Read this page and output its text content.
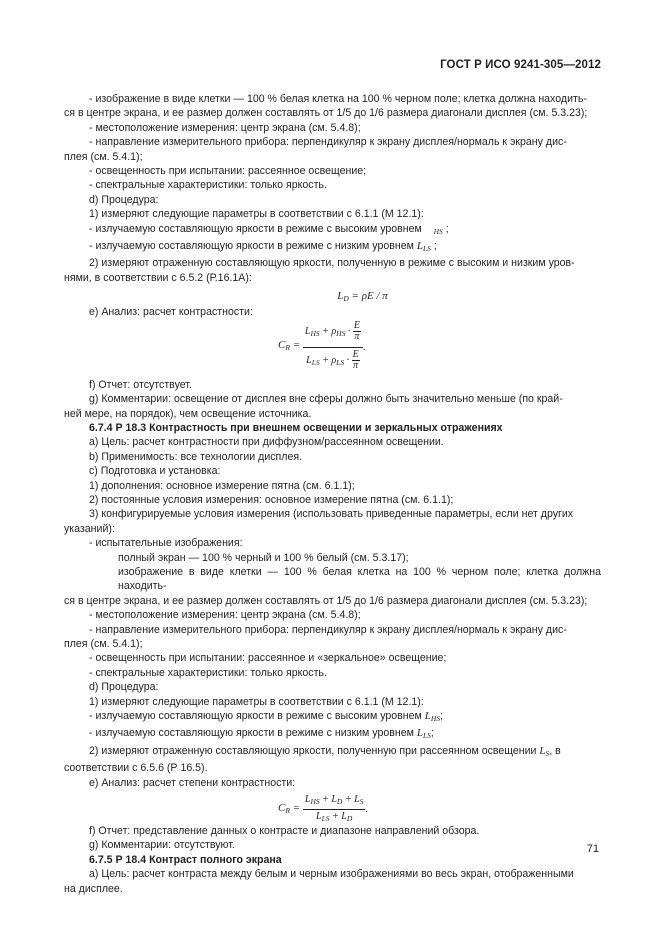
ГОСТ Р ИСО 9241-305—2012

- изображение в виде клетки — 100 % белая клетка на 100 % черном поле; клетка должна находить-

ся в центре экрана, и ее размер должен составлять от 1/5 до 1/6 размера диагонали дисплея (см. 5.3.23);

- местоположение измерения: центр экрана (см. 5.4.8);

- направление измерительного прибора: перпендикуляр к экрану дисплея/нормаль к экрану дис-

плея (см. 5.4.1);

- освещенность при испытании: рассеянное освещение;

- спектральные характеристики: только яркость.

d) Процедура:

1) измеряют следующие параметры в соответствии с 6.1.1 (М 12.1):

- излучаемую составляющую яркости в режиме с высоким уровнем $_{HS}$ ;

- излучаемую составляющую яркости в режиме с низким уровнем $L_{LS}$ ;

2) измеряют отраженную составляющую яркости, полученную в режиме с высоким и низким уров-

нями, в соответствии с 6.5.2 (Р.16.1А):

$L_D = \rho E / \pi$

е) Анализ: расчет контрастности:

$C_R = \frac{L_{HS} + \rho_{HS} \cdot \frac{E}{\pi}}{L_{LS} + \rho_{LS} \cdot \frac{E}{\pi}}$ .

f) Отчет: отсутствует.

g) Комментарии: освещение от дисплея вне сферы должно быть значительно меньше (по край-

ней мере, на порядок), чем освещение источника.

6.7.4 Р 18.3 Контрастность при внешнем освещении и зеркальных отражениях

а) Цель: расчет контрастности при диффузном/рассеянном освещении.

b) Применимость: все технологии дисплея.

с) Подготовка и установка:

1) дополнения: основное измерение пятна (см. 6.1.1);

2) постоянные условия измерения: основное измерение пятна (см. 6.1.1);

3) конфигурируемые условия измерения (использовать приведенные параметры, если нет других

указаний):

- испытательные изображения:

полный экран — 100 % черный и 100 % белый (см. 5.3.17);

изображение в виде клетки — 100 % белая клетка на 100 % черном поле; клетка должна находить-

ся в центре экрана, и ее размер должен составлять от 1/5 до 1/6 размера диагонали дисплея (см. 5.3.23);

- местоположение измерения: центр экрана (см. 5.4.8);

- направление измерительного прибора: перпендикуляр к экрану дисплея/нормаль к экрану дис-

плея (см. 5.4.1);

- освещенность при испытании: рассеянное и «зеркальное» освещение;

- спектральные характеристики: только яркость.

d) Процедура:

1) измеряют следующие параметры в соответствии с 6.1.1 (М 12.1):

- излучаемую составляющую яркости в режиме с высоким уровнем $L_{HS}$;

- излучаемую составляющую яркости в режиме с низким уровнем $L_{LS}$;

2) измеряют отраженную составляющую яркости, полученную при рассеянном освещении $L_S$, в

соответствии с 6.5.6 (Р 16.5).

е) Анализ: расчет степени контрастности:

$C_R = \frac{L_{HS} + L_D + L_S}{L_{LS} + L_D}$ .

f) Отчет: представление данных о контрасте и диапазоне направлений обзора.

g) Комментарии: отсутствуют.

6.7.5 Р 18.4 Контраст полного экрана

а) Цель: расчет контраста между белым и черным изображениями во весь экран, отображенными

на дисплее.

71
